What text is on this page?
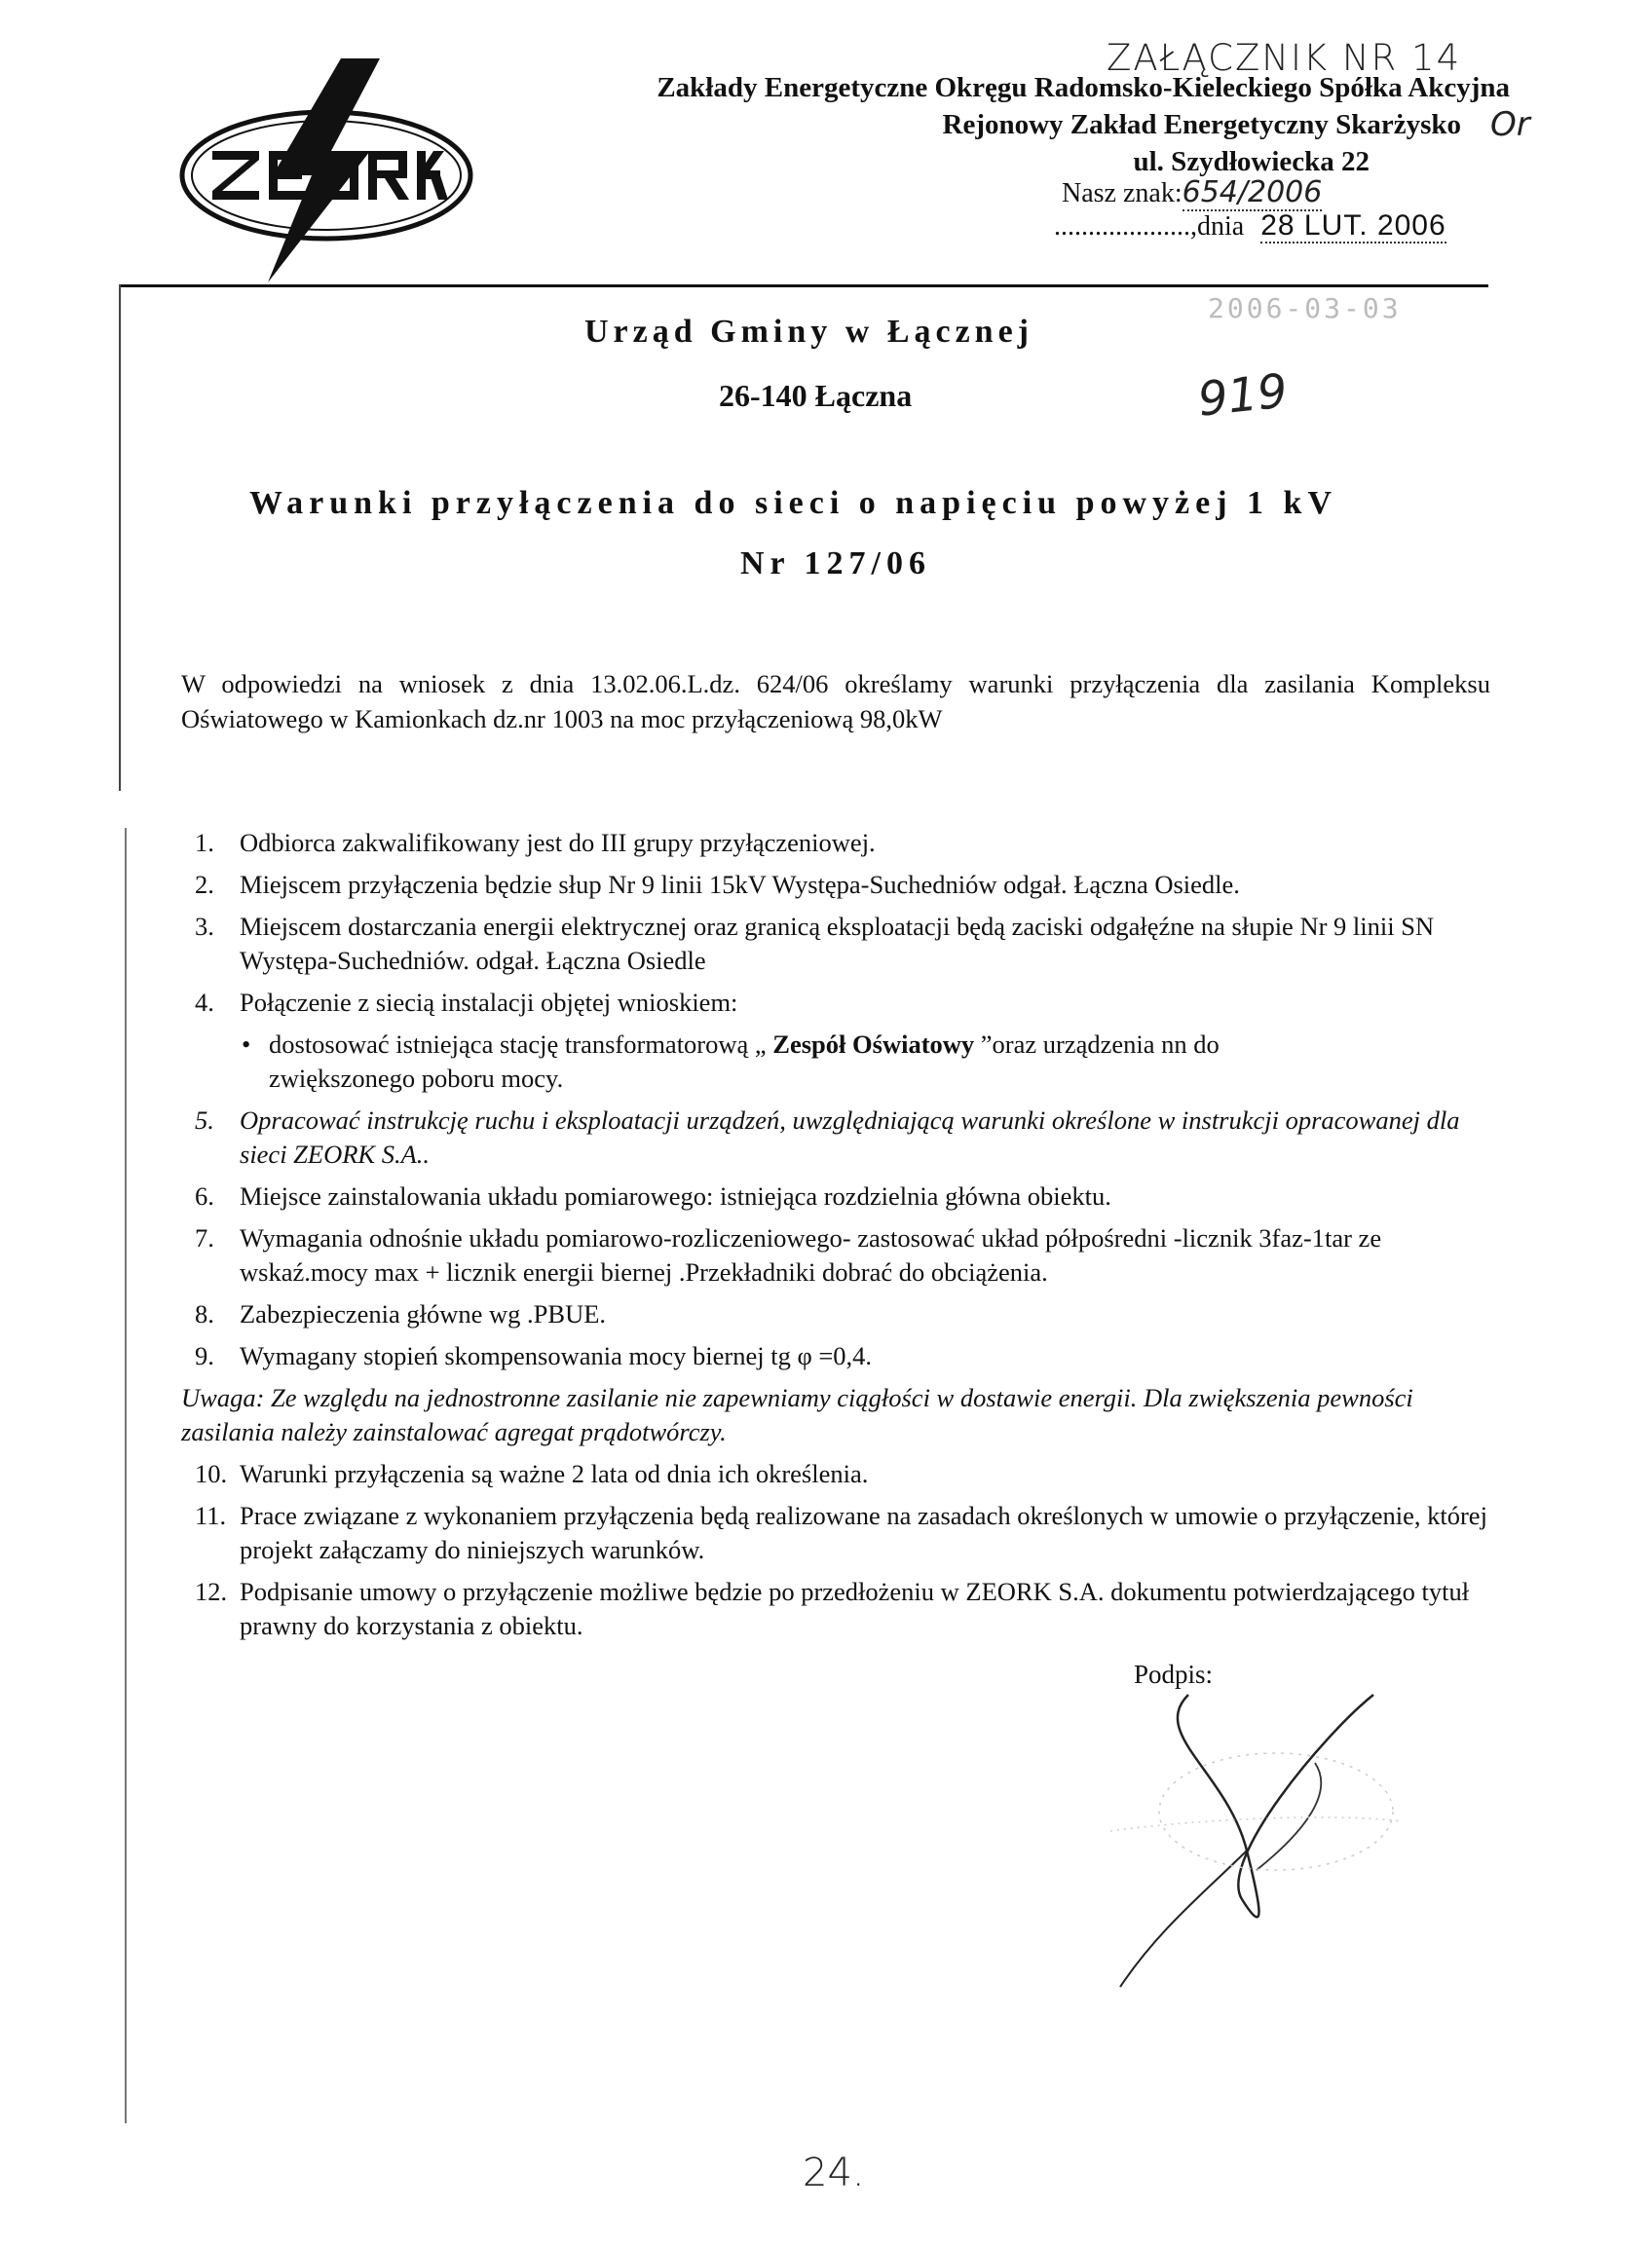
ZAŁĄCZNIK NR 14
Zakłady Energetyczne Okręgu Radomsko-Kieleckiego Spółka Akcyjna
Rejonowy Zakład Energetyczny Skarżysko
ul. Szydłowiecka 22
Or
Nasz znak:654/2006
....................,dnia 28 LUT. 2006
2006-03-03
Urząd Gminy w Łącznej
26-140 Łączna	919
Warunki przyłączenia do sieci o napięciu powyżej 1 kV
Nr 127/06
W odpowiedzi na wniosek z dnia 13.02.06.L.dz. 624/06 określamy warunki przyłączenia dla zasilania Kompleksu Oświatowego w Kamionkach dz.nr 1003 na moc przyłączeniową 98,0kW
1. Odbiorca zakwalifikowany jest do III grupy przyłączeniowej.
2. Miejscem przyłączenia będzie słup Nr 9 linii 15kV Występa-Suchedniów odgał. Łączna Osiedle.
3. Miejscem dostarczania energii elektrycznej oraz granicą eksploatacji będą zaciski odgałęźne na słupie Nr 9 linii SN Występa-Suchedniów. odgał. Łączna Osiedle
4. Połączenie z siecią instalacji objętej wnioskiem:
• dostosować istniejąca stację transformatorową „ Zespół Oświatowy ”oraz urządzenia nn do zwiększonego poboru mocy.
5. Opracować instrukcję ruchu i eksploatacji urządzeń, uwzględniającą warunki określone w instrukcji opracowanej dla sieci ZEORK S.A..
6. Miejsce zainstalowania układu pomiarowego: istniejąca rozdzielnia główna obiektu.
7. Wymagania odnośnie układu pomiarowo-rozliczeniowego- zastosować układ półpośredni -licznik 3faz-1tar ze wskaź.mocy max + licznik energii biernej .Przekładniki dobrać do obciążenia.
8. Zabezpieczenia główne wg .PBUE.
9. Wymagany stopień skompensowania mocy biernej tg φ =0,4.
Uwaga: Ze względu na jednostronne zasilanie nie zapewniamy ciągłości w dostawie energii. Dla zwiększenia pewności zasilania należy zainstalować agregat prądotwórczy.
10. Warunki przyłączenia są ważne 2 lata od dnia ich określenia.
11. Prace związane z wykonaniem przyłączenia będą realizowane na zasadach określonych w umowie o przyłączenie, której projekt załączamy do niniejszych warunków.
12. Podpisanie umowy o przyłączenie możliwe będzie po przedłożeniu w ZEORK S.A. dokumentu potwierdzającego tytuł prawny do korzystania z obiektu.
Podpis:
24.
